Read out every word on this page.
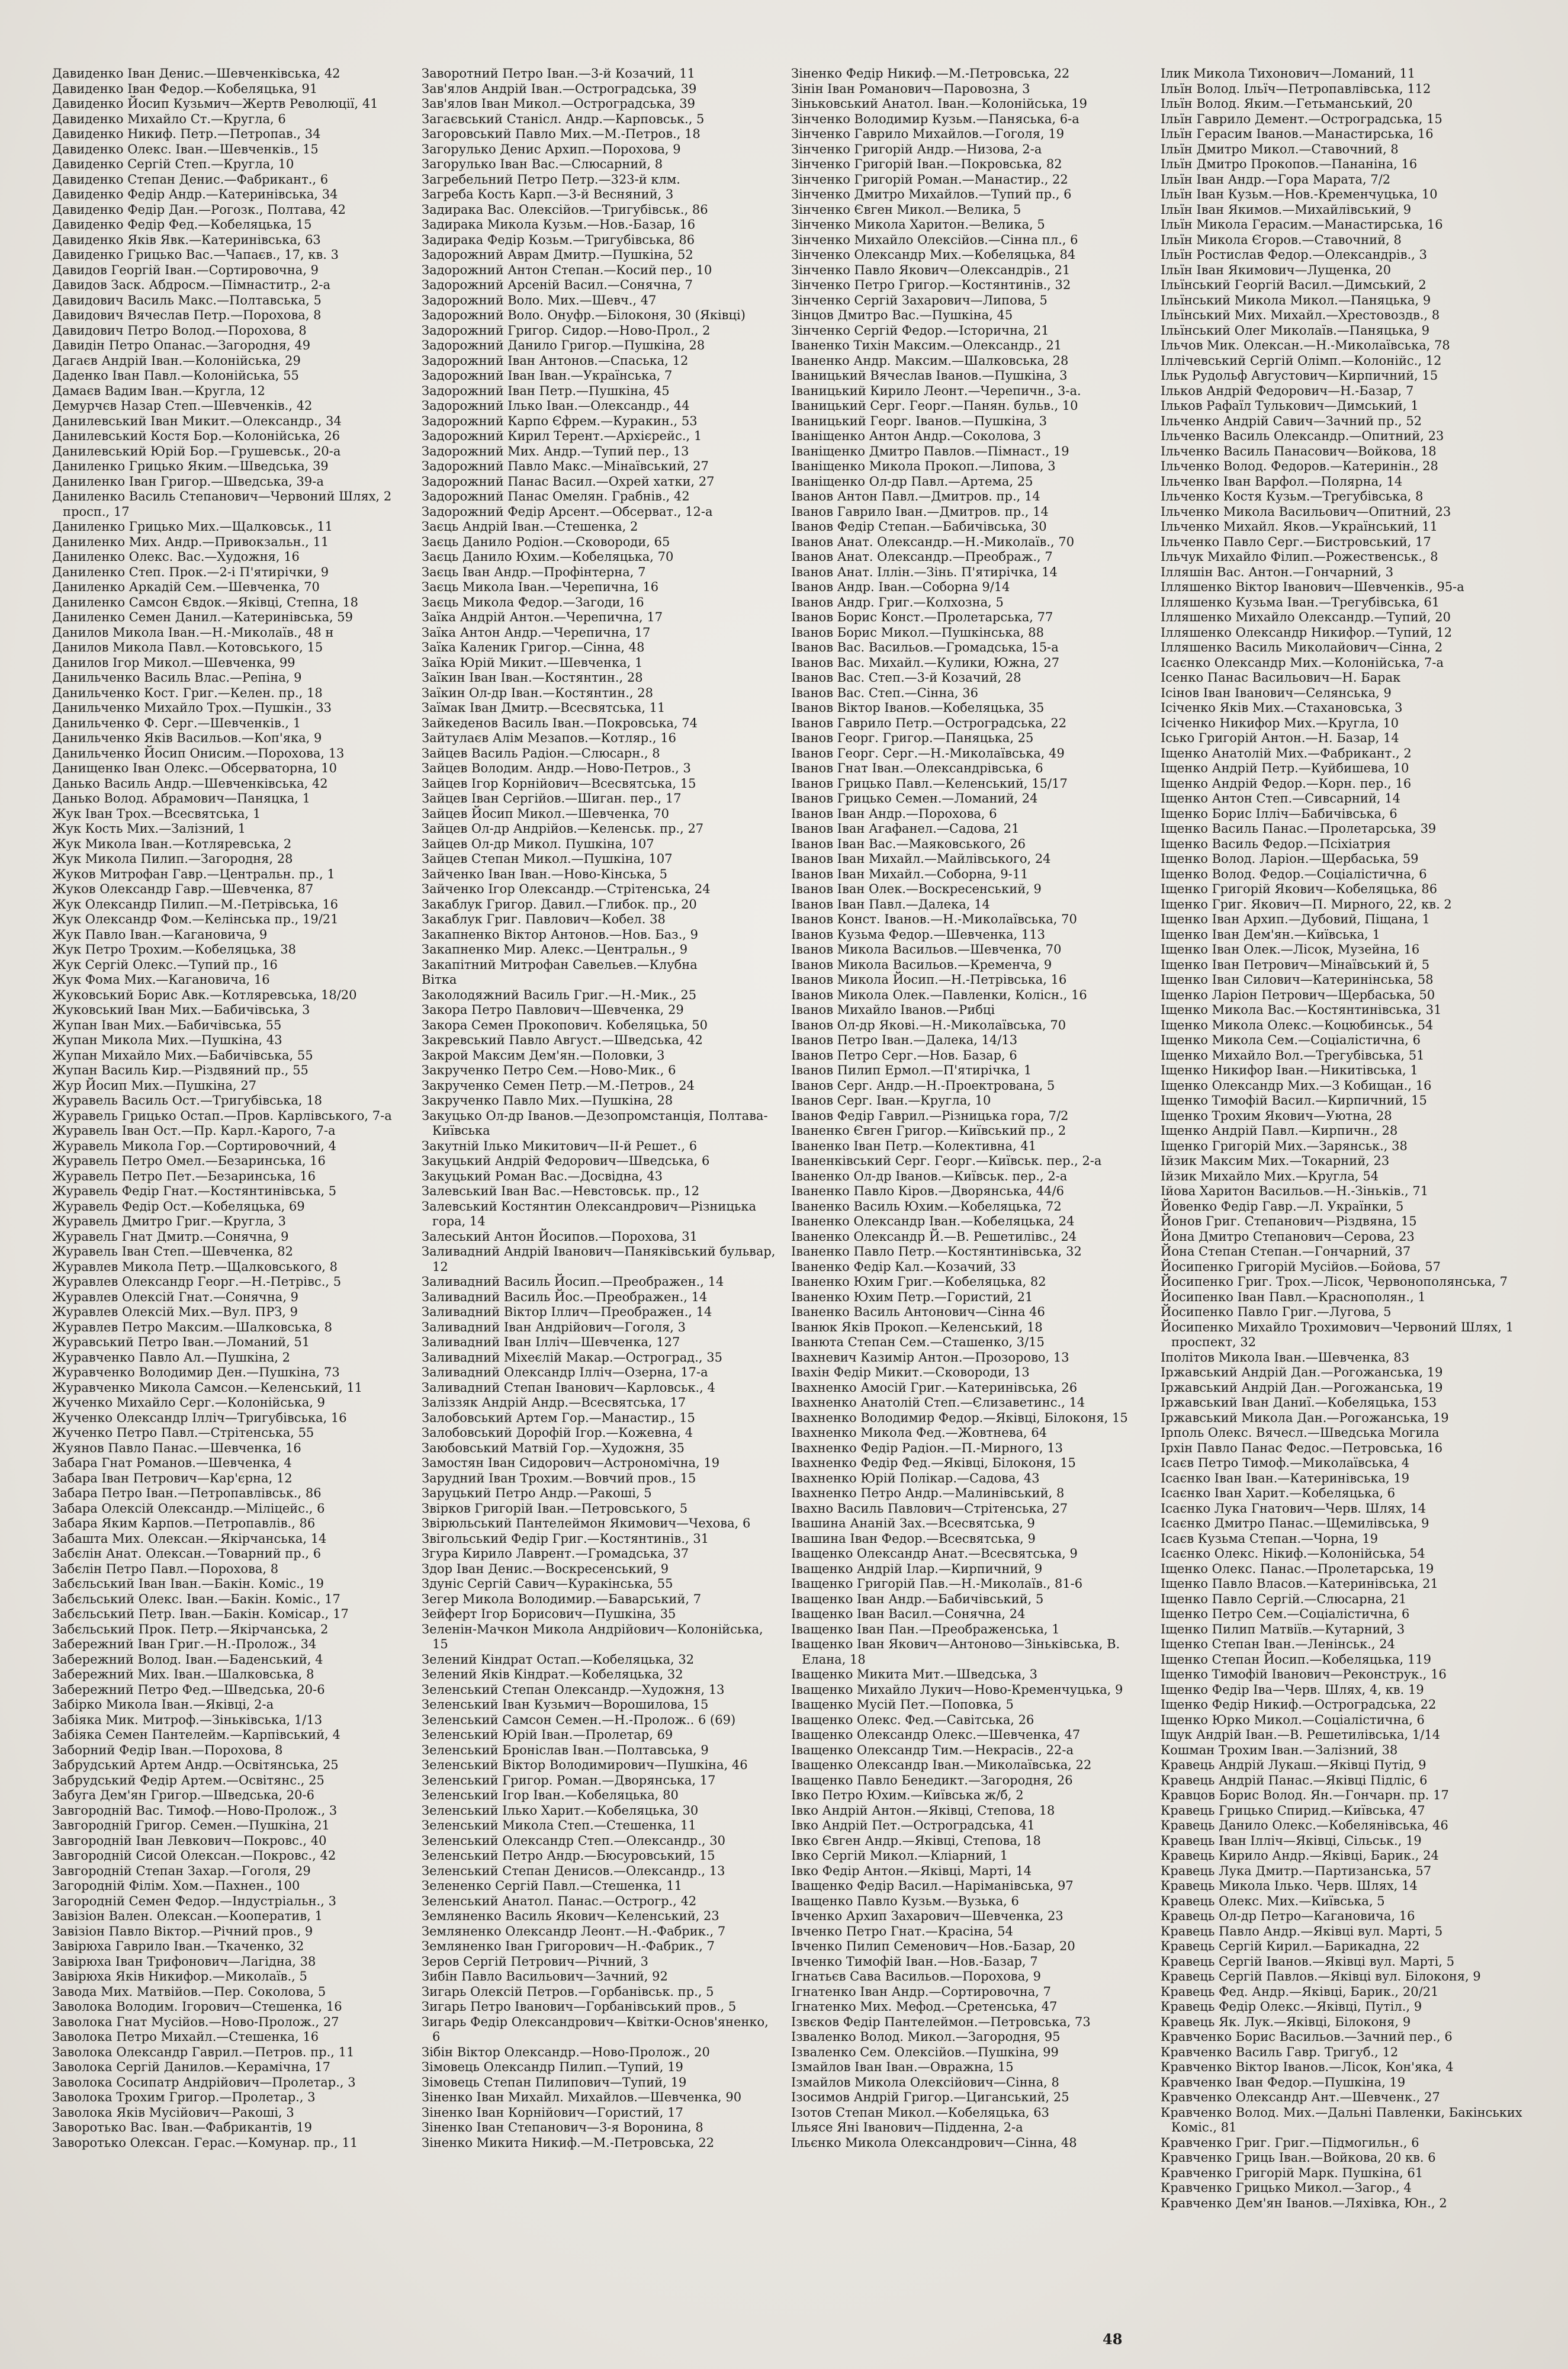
Давиденко Іван Денис.—Шевченківська, 42

Давиденко Іван Федор.—Кобеляцька, 91

Давиденко Йосип Кузьмич—Жертв Революції, 41

Давиденко Михайло Ст.—Кругла, 6

Давиденко Никиф. Петр.—Петропав., 34

Давиденко Олекс. Іван.—Шевченків., 15

Давиденко Сергій Степ.—Кругла, 10

Давиденко Степан Денис.—Фабрикант., 6

Давиденко Федір Андр.—Катеринівська, 34

Давиденко Федір Дан.—Рогозк., Полтава, 42

Давиденко Федір Фед.—Кобеляцька, 15

Давиденко Яків Явк.—Катеринівська, 63

Давиденко Грицько Вас.—Чапаєв., 17, кв. 3

Давидов Георгій Іван.—Сортировочна, 9

Давидов Заск. Абдросм.—Пімнаститр., 2-а

Давидович Василь Макс.—Полтавська, 5

Давидович Вячеслав Петр.—Порохова, 8

Давидович Петро Волод.—Порохова, 8

Давидін Петро Опанас.—Загородня, 49

Дагаєв Андрій Іван.—Колонійська, 29

Даденко Іван Павл.—Колонійська, 55

Дамаєв Вадим Іван.—Кругла, 12

Демурчєв Назар Степ.—Шевченків., 42

Данилевський Іван Микит.—Олександр., 34

Данилевський Костя Бор.—Колонійська, 26

Данилевський Юрій Бор.—Грушевськ., 20-а

Даниленко Грицько Яким.—Шведська, 39

Даниленко Іван Григор.—Шведська, 39-а

Даниленко Василь Степанович—Червоний Шлях, 2 просп., 17

Даниленко Грицько Мих.—Щалковськ., 11

Даниленко Мих. Андр.—Привокзальн., 11

Даниленко Олекс. Вас.—Художня, 16

Даниленко Степ. Прок.—2-і П'ятирічки, 9

Даниленко Аркадій Сем.—Шевченка, 70

Даниленко Самсон Євдок.—Яківці, Степна, 18

Даниленко Семен Данил.—Катеринівська, 59

Данилов Микола Іван.—Н.-Миколаїв., 48 н

Данилов Микола Павл.—Котовського, 15

Данилов Ігор Микол.—Шевченка, 99

Данильченко Василь Влас.—Репіна, 9

Данильченко Кост. Григ.—Келен. пр., 18

Данильченко Михайло Трох.—Пушкін., 33

Данильченко Ф. Серг.—Шевченків., 1

Данильченко Яків Васильов.—Коп'яка, 9

Данильченко Йосип Онисим.—Порохова, 13

Данищенко Іван Олекс.—Обсерваторна, 10

Данько Василь Андр.—Шевченківська, 42

Данько Волод. Абрамович—Паняцка, 1

Жук Іван Трох.—Всесвятська, 1

Жук Кость Мих.—Залізний, 1

Жук Микола Іван.—Котляревська, 2

Жук Микола Пилип.—Загородня, 28

Жуков Митрофан Гавр.—Центральн. пр., 1

Жуков Олександр Гавр.—Шевченка, 87

Жук Олександр Пилип.—М.-Петрівська, 16

Жук Олександр Фом.—Келінська пр., 19/21

Жук Павло Іван.—Кагановича, 9

Жук Петро Трохим.—Кобеляцька, 38

Жук Сергій Олекс.—Тупий пр., 16

Жук Фома Мих.—Кагановича, 16

Жуковський Борис Авк.—Котляревська, 18/20

Жуковський Іван Мих.—Бабичівська, 3

Жупан Іван Мих.—Бабичівська, 55

Жупан Микола Мих.—Пушкіна, 43

Жупан Михайло Мих.—Бабичівська, 55

Жупан Василь Кир.—Різдвяний пр., 55

Жур Йосип Мих.—Пушкіна, 27

Журавель Василь Ост.—Тригубівська, 18

Журавель Грицько Остап.—Пров. Карлівського, 7-а

Журавель Іван Ост.—Пр. Карл.-Карого, 7-а

Журавель Микола Гор.—Сортировочний, 4

Журавель Петро Омел.—Безаринська, 16

Журавель Петро Пет.—Безаринська, 16

Журавель Федір Гнат.—Костянтинівська, 5

Журавель Федір Ост.—Кобеляцька, 69

Журавель Дмитро Григ.—Кругла, 3

Журавель Гнат Дмитр.—Сонячна, 9

Журавель Іван Степ.—Шевченка, 82

Журавлев Микола Петр.—Щалковського, 8

Журавлев Олександр Георг.—Н.-Петрівс., 5

Журавлев Олексій Гнат.—Сонячна, 9

Журавлев Олексій Мих.—Вул. ПРЗ, 9

Журавлев Петро Максим.—Шалковська, 8

Журавський Петро Іван.—Ломаний, 51

Журавченко Павло Ал.—Пушкіна, 2

Журавченко Володимир Ден.—Пушкіна, 73

Журавченко Микола Самсон.—Келенський, 11

Жученко Михайло Серг.—Колонійська, 9

Жученко Олександр Ілліч—Тригубівська, 16

Жученко Петро Павл.—Стрітенська, 55

Жуянов Павло Панас.—Шевченка, 16

Забара Гнат Романов.—Шевченка, 4

Забара Іван Петрович—Кар'єрна, 12

Забара Петро Іван.—Петропавлівськ., 86

Забара Олексій Олександр.—Міліцейс., 6

Забара Яким Карпов.—Петропавлів., 86

Забашта Мих. Олексан.—Якірчанська, 14

Забєлін Анат. Олексан.—Товарний пр., 6

Забєлін Петро Павл.—Порохова, 8

Забєльський Іван Іван.—Бакін. Коміс., 19

Забєльський Олекс. Іван.—Бакін. Коміс., 17

Забєльський Петр. Іван.—Бакін. Комісар., 17

Забєльський Прок. Петр.—Якірчанська, 2

Забережний Іван Григ.—Н.-Пролож., 34

Забережний Волод. Іван.—Баденський, 4

Забережний Мих. Іван.—Шалковська, 8

Забережний Петро Фед.—Шведська, 20-6

Забірко Микола Іван.—Яківці, 2-а

Забіяка Мик. Митроф.—Зіньківська, 1/13

Забіяка Семен Пантелейм.—Карпівський, 4

Заборний Федір Іван.—Порохова, 8

Забрудський Артем Андр.—Освітянська, 25

Забрудський Федір Артем.—Освітянс., 25

Забуга Дем'ян Григор.—Шведська, 20-6

Завгородній Вас. Тимоф.—Ново-Пролож., 3

Завгородній Григор. Семен.—Пушкіна, 21

Завгородній Іван Левкович—Покровс., 40

Завгородній Сисой Олексан.—Покровс., 42

Завгородній Степан Захар.—Гоголя, 29

Загородній Філім. Хом.—Пахнен., 100

Загородній Семен Федор.—Індустріальн., 3

Завізіон Вален. Олексан.—Кооператив, 1

Завізіон Павло Віктор.—Річний пров., 9

Завірюха Гаврило Іван.—Ткаченко, 32

Завірюха Іван Трифонович—Лагідна, 38

Завірюха Яків Никифор.—Миколаїв., 5

Завода Мих. Матвійов.—Пер. Соколова, 5

Заволока Володим. Ігорович—Стешенка, 16

Заволока Гнат Мусійов.—Ново-Пролож., 27

Заволока Петро Михайл.—Стешенка, 16

Заволока Олександр Гаврил.—Петров. пр., 11

Заволока Сергій Данилов.—Керамічна, 17

Заволока Сосипатр Андрійович—Пролетар., 3

Заволока Трохим Григор.—Пролетар., 3

Заволока Яків Мусійович—Ракоші, 3

Заворотько Вас. Іван.—Фабрикантів, 19

Заворотько Олексан. Герас.—Комунар. пр., 11

Заворотний Петро Іван.—3-й Козачий, 11

Зав'ялов Андрій Іван.—Остроградська, 39

Зав'ялов Іван Микол.—Остроградська, 39

Загаєвський Станісл. Андр.—Карповськ., 5

Загоровський Павло Мих.—М.-Петров., 18

Загорулько Денис Архип.—Порохова, 9

Загорулько Іван Вас.—Слюсарний, 8

Загребельний Петро Петр.—323-й клм.

Загреба Кость Карп.—3-й Весняний, 3

Задирака Вас. Олексійов.—Тригубівськ., 86

Задирака Микола Кузьм.—Нов.-Базар, 16

Задирака Федір Козьм.—Тригубівська, 86

Задорожний Аврам Дмитр.—Пушкіна, 52

Задорожний Антон Степан.—Косий пер., 10

Задорожний Арсеній Васил.—Сонячна, 7

Задорожний Воло. Мих.—Шевч., 47

Задорожний Воло. Онуфр.—Білоконя, 30 (Яківці)

Задорожний Григор. Сидор.—Ново-Прол., 2

Задорожний Данило Григор.—Пушкіна, 28

Задорожний Іван Антонов.—Спаська, 12

Задорожний Іван Іван.—Українська, 7

Задорожний Іван Петр.—Пушкіна, 45

Задорожний Ілько Іван.—Олександр., 44

Задорожний Карпо Єфрем.—Куракин., 53

Задорожний Кирил Терент.—Архієрейс., 1

Задорожний Мих. Андр.—Тупий пер., 13

Задорожний Павло Макс.—Мінаївський, 27

Задорожний Панас Васил.—Охрей хатки, 27

Задорожний Панас Омелян. Грабнів., 42

Задорожний Федір Арсент.—Обсерват., 12-а

Заєць Андрій Іван.—Стешенка, 2

Заєць Данило Родіон.—Сковороди, 65

Заєць Данило Юхим.—Кобеляцька, 70

Заєць Іван Андр.—Профінтерна, 7

Заєць Микола Іван.—Черепична, 16

Заєць Микола Федор.—Загоди, 16

Заїка Андрій Антон.—Черепична, 17

Заїка Антон Андр.—Черепична, 17

Заїка Каленик Григор.—Сінна, 48

Заїка Юрій Микит.—Шевченка, 1

Заїкин Іван Іван.—Костянтин., 28

Заїкин Ол-др Іван.—Костянтин., 28

Заїмак Іван Дмитр.—Всесвятська, 11

Зайкеденов Василь Іван.—Покровська, 74

Зайтулаєв Алім Мезапов.—Котляр., 16

Зайцев Василь Радіон.—Слюсарн., 8

Зайцев Володим. Андр.—Ново-Петров., 3

Зайцев Ігор Корнійович—Всесвятська, 15

Зайцев Іван Сергійов.—Шиган. пер., 17

Зайцев Йосип Микол.—Шевченка, 70

Зайцев Ол-др Андрійов.—Келенськ. пр., 27

Зайцев Ол-др Микол. Пушкіна, 107

Зайцев Степан Микол.—Пушкіна, 107

Зайченко Іван Іван.—Ново-Кінська, 5

Зайченко Ігор Олександр.—Стрітенська, 24

Закаблук Григор. Давил.—Глибок. пр., 20

Закаблук Григ. Павлович—Кобел. 38

Закапненко Віктор Антонов.—Нов. Баз., 9

Закапненко Мир. Алекс.—Центральн., 9

Закапітний Митрофан Савельев.—Клубна

Вітка

Заколодяжний Василь Григ.—Н.-Мик., 25

Закора Петро Павлович—Шевченка, 29

Закора Семен Прокопович. Кобеляцька, 50

Закревський Павло Август.—Шведська, 42

Закрой Максим Дем'ян.—Половки, 3

Закрученко Петро Сем.—Ново-Мик., 6

Закрученко Семен Петр.—М.-Петров., 24

Закрученко Павло Мих.—Пушкіна, 28

Закуцько Ол-др Іванов.—Дезопромстанція, Полтава-Київська

Закутній Ілько Микитович—ІІ-й Решет., 6

Закуцький Андрій Федорович—Шведська, 6

Закуцький Роман Вас.—Досвідна, 43

Залевський Іван Вас.—Невстовськ. пр., 12

Залевський Костянтин Олександрович—Різницька гора, 14

Залеський Антон Йосипов.—Порохова, 31

Заливадний Андрій Іванович—Паняківський бульвар, 12

Заливадний Василь Йосип.—Преображен., 14

Заливадний Василь Йос.—Преображен., 14

Заливадний Віктор Іллич—Преображен., 14

Заливадний Іван Андрійович—Гоголя, 3

Заливадний Іван Ілліч—Шевченка, 127

Заливадний Міхеєлій Макар.—Остроград., 35

Заливадний Олександр Ілліч—Озерна, 17-а

Заливадний Степан Іванович—Карловськ., 4

Заліззяк Андрій Андр.—Всесвятська, 17

Залобовський Артем Гор.—Манастир., 15

Залобовський Дорофій Ігор.—Кожевна, 4

Заюбовський Матвій Гор.—Художня, 35

Замостян Іван Сидорович—Астрономічна, 19

Зарудний Іван Трохим.—Вовчий пров., 15

Заруцький Петро Андр.—Ракоші, 5

Звірков Григорій Іван.—Петровського, 5

Звірюльський Пантелеймон Якимович—Чехова, 6

Звігольський Федір Григ.—Костянтинів., 31

Згура Кирило Лаврент.—Громадська, 37

Здор Іван Денис.—Воскресенський, 9

Здуніс Сергій Савич—Куракінська, 55

Зегер Микола Володимир.—Баварський, 7

Зейферт Ігор Борисович—Пушкіна, 35

Зеленін-Мачкон Микола Андрійович—Колонійська, 15

Зелений Кіндрат Остап.—Кобеляцька, 32

Зелений Яків Кіндрат.—Кобеляцька, 32

Зеленський Степан Олександр.—Художня, 13

Зеленський Іван Кузьмич—Ворошилова, 15

Зеленський Самсон Семен.—Н.-Пролож.. 6 (69)

Зеленський Юрій Іван.—Пролетар, 69

Зеленський Броніслав Іван.—Полтавська, 9

Зеленський Віктор Володимирович—Пушкіна, 46

Зеленський Григор. Роман.—Дворянська, 17

Зеленський Ігор Іван.—Кобеляцька, 80

Зеленський Ілько Харит.—Кобеляцька, 30

Зеленський Микола Степ.—Стешенка, 11

Зеленський Олександр Степ.—Олександр., 30

Зеленський Петро Андр.—Бюсуровський, 15

Зеленський Степан Денисов.—Олександр., 13

Зелененко Сергій Павл.—Стешенка, 11

Зеленський Анатол. Панас.—Острогр., 42

Земляненко Василь Якович—Келенський, 23

Земляненко Олександр Леонт.—Н.-Фабрик., 7

Земляненко Іван Григорович—Н.-Фабрик., 7

Зеров Сергій Петрович—Річний, 3

Зибін Павло Васильович—Зачний, 92

Зигарь Олексій Петров.—Горбанівськ. пр., 5

Зигарь Петро Іванович—Горбанівський пров., 5

Зигарь Федір Олександрович—Квітки-Основ'яненко, 6

Зібін Віктор Олександр.—Ново-Пролож., 20

Зімовець Олександр Пилип.—Тупий, 19

Зімовець Степан Пилипович—Тупий, 19

Зіненко Іван Михайл. Михайлов.—Шевченка, 90

Зіненко Іван Корнійович—Гористий, 17

Зіненко Іван Степанович—3-я Воронина, 8

Зіненко Микита Никиф.—М.-Петровська, 22

Зіненко Федір Никиф.—М.-Петровська, 22

Зінін Іван Романович—Паровозна, 3

Зіньковський Анатол. Іван.—Колонійська, 19

Зінченко Володимир Кузьм.—Паняська, 6-а

Зінченко Гаврило Михайлов.—Гоголя, 19

Зінченко Григорій Андр.—Низова, 2-а

Зінченко Григорій Іван.—Покровська, 82

Зінченко Григорій Роман.—Манастир., 22

Зінченко Дмитро Михайлов.—Тупий пр., 6

Зінченко Євген Микол.—Велика, 5

Зінченко Микола Харитон.—Велика, 5

Зінченко Михайло Олексійов.—Сінна пл., 6

Зінченко Олександр Мих.—Кобеляцька, 84

Зінченко Павло Якович—Олександрів., 21

Зінченко Петро Григор.—Костянтинів., 32

Зінченко Сергій Захарович—Липова, 5

Зінцов Дмитро Вас.—Пушкіна, 45

Зінченко Сергій Федор.—Історична, 21

Іваненко Тихін Максим.—Олександр., 21

Іваненко Андр. Максим.—Шалковська, 28

Іваницький Вячеслав Іванов.—Пушкіна, 3

Іваницький Кирило Леонт.—Черепичн., 3-а.

Іваницький Серг. Георг.—Панян. бульв., 10

Іваницький Георг. Іванов.—Пушкіна, 3

Іваніщенко Антон Андр.—Соколова, 3

Іваніщенко Дмитро Павлов.—Пімнаст., 19

Іваніщенко Микола Прокоп.—Липова, 3

Іваніщенко Ол-др Павл.—Артема, 25

Іванов Антон Павл.—Дмитров. пр., 14

Іванов Гаврило Іван.—Дмитров. пр., 14

Іванов Федір Степан.—Бабичівська, 30

Іванов Анат. Олександр.—Н.-Миколаїв., 70

Іванов Анат. Олександр.—Преображ., 7

Іванов Анат. Іллін.—Зінь. П'ятирічка, 14

Іванов Андр. Іван.—Соборна 9/14

Іванов Андр. Григ.—Колхозна, 5

Іванов Борис Конст.—Пролетарська, 77

Іванов Борис Микол.—Пушкінська, 88

Іванов Вас. Васильов.—Громадська, 15-а

Іванов Вас. Михайл.—Кулики, Южна, 27

Іванов Вас. Степ.—3-й Козачий, 28

Іванов Вас. Степ.—Сінна, 36

Іванов Віктор Іванов.—Кобеляцька, 35

Іванов Гаврило Петр.—Остроградська, 22

Іванов Георг. Григор.—Паняцька, 25

Іванов Георг. Серг.—Н.-Миколаївська, 49

Іванов Гнат Іван.—Олександрівська, 6

Іванов Грицько Павл.—Келенський, 15/17

Іванов Грицько Семен.—Ломаний, 24

Іванов Іван Андр.—Порохова, 6

Іванов Іван Агафанел.—Садова, 21

Іванов Іван Вас.—Маяковського, 26

Іванов Іван Михайл.—Майлівського, 24

Іванов Іван Михайл.—Соборна, 9-11

Іванов Іван Олек.—Воскресенський, 9

Іванов Іван Павл.—Далека, 14

Іванов Конст. Іванов.—Н.-Миколаївська, 70

Іванов Кузьма Федор.—Шевченка, 113

Іванов Микола Васильов.—Шевченка, 70

Іванов Микола Васильов.—Кременча, 9

Іванов Микола Йосип.—Н.-Петрівська, 16

Іванов Микола Олек.—Павленки, Колісн., 16

Іванов Михайло Іванов.—Рибці

Іванов Ол-др Якові.—Н.-Миколаївська, 70

Іванов Петро Іван.—Далека, 14/13

Іванов Петро Серг.—Нов. Базар, 6

Іванов Пилип Ермол.—П'ятирічка, 1

Іванов Серг. Андр.—Н.-Проектрована, 5

Іванов Серг. Іван.—Кругла, 10

Іванов Федір Гаврил.—Різницька гора, 7/2

Іваненко Євген Григор.—Київський пр., 2

Іваненко Іван Петр.—Колективна, 41

Іваненківський Серг. Георг.—Київськ. пер., 2-а

Іваненко Ол-др Іванов.—Київськ. пер., 2-а

Іваненко Павло Кіров.—Дворянська, 44/6

Іваненко Василь Юхим.—Кобеляцька, 72

Іваненко Олександр Іван.—Кобеляцька, 24

Іваненко Олександр Й.—В. Решетилівс., 24

Іваненко Павло Петр.—Костянтинівська, 32

Іваненко Федір Кал.—Козачий, 33

Іваненко Юхим Григ.—Кобеляцька, 82

Іваненко Юхим Петр.—Гористий, 21

Іваненко Василь Антонович—Сінна 46

Іванюк Яків Прокоп.—Келенський, 18

Іванюта Степан Сем.—Сташенко, 3/15

Івахневич Казимір Антон.—Прозорово, 13

Івахін Федір Микит.—Сковороди, 13

Івахненко Амосій Григ.—Катеринівська, 26

Івахненко Анатолій Степ.—Єлизаветинс., 14

Івахненко Володимир Федор.—Яківці, Білоконя, 15

Івахненко Микола Фед.—Жовтнева, 64

Івахненко Федір Радіон.—П.-Мирного, 13

Івахненко Федір Фед.—Яківці, Білоконя, 15

Івахненко Юрій Полікар.—Садова, 43

Івахненко Петро Андр.—Малинівський, 8

Івахно Василь Павлович—Стрітенська, 27

Івашина Ананій Зах.—Всесвятська, 9

Івашина Іван Федор.—Всесвятська, 9

Іващенко Олександр Анат.—Всесвятська, 9

Іващенко Андрій Ілар.—Кирпичний, 9

Іващенко Григорій Пав.—Н.-Миколаїв., 81-6

Іващенко Іван Андр.—Бабичівський, 5

Іващенко Іван Васил.—Сонячна, 24

Іващенко Іван Пан.—Преображенська, 1

Іващенко Іван Якович—Антоново—Зіньківська, В. Елана, 18

Іващенко Микита Мит.—Шведська, 3

Іващенко Михайло Лукич—Ново-Кременчуцька, 9

Іващенко Мусій Пет.—Поповка, 5

Іващенко Олекс. Фед.—Савітська, 26

Іващенко Олександр Олекс.—Шевченка, 47

Іващенко Олександр Тим.—Некрасів., 22-а

Іващенко Олександр Іван.—Миколаївська, 22

Іващенко Павло Бенедикт.—Загородня, 26

Івко Петро Юхим.—Київська ж/б, 2

Івко Андрій Антон.—Яківці, Степова, 18

Івко Андрій Пет.—Остроградська, 41

Івко Євген Андр.—Яківці, Степова, 18

Івко Сергій Микол.—Кліарний, 1

Івко Федір Антон.—Яківці, Марті, 14

Іващенко Федір Васил.—Наріманівська, 97

Іващенко Павло Кузьм.—Вузька, 6

Івченко Архип Захарович—Шевченка, 23

Івченко Петро Гнат.—Красіна, 54

Івченко Пилип Семенович—Нов.-Базар, 20

Івченко Тимофій Іван.—Нов.-Базар, 7

Ігнатьєв Сава Васильов.—Порохова, 9

Ігнатенко Іван Андр.—Сортировочна, 7

Ігнатенко Мих. Мефод.—Сретенська, 47

Ізвєков Федір Пантелеймон.—Петровська, 73

Ізваленко Волод. Микол.—Загородня, 95

Ізваленко Сем. Олексійов.—Пушкіна, 99

Ізмайлов Іван Іван.—Овражна, 15

Ізмайлов Микола Олексійович—Сінна, 8

Ізосимов Андрій Григор.—Циганський, 25

Ізотов Степан Микол.—Кобеляцька, 63

Ільясе Яні Іванович—Підденна, 2-а

Ільєнко Микола Олександрович—Сінна, 48

Ілик Микола Тихонович—Ломаний, 11

Ільїн Волод. Ільїч—Петропавлівська, 112

Ільїн Волод. Яким.—Гетьманський, 20

Ільїн Гаврило Демент.—Остроградська, 15

Ільїн Герасим Іванов.—Манастирська, 16

Ільїн Дмитро Микол.—Ставочний, 8

Ільїн Дмитро Прокопов.—Пананіна, 16

Ільїн Іван Андр.—Гора Марата, 7/2

Ільїн Іван Кузьм.—Нов.-Кременчуцька, 10

Ільїн Іван Якимов.—Михайлівський, 9

Ільїн Микола Герасим.—Манастирська, 16

Ільїн Микола Єгоров.—Ставочний, 8

Ільїн Ростислав Федор.—Олександрів., 3

Ільїн Іван Якимович—Лущенка, 20

Ільїнський Георгій Васил.—Димський, 2

Ільїнський Микола Микол.—Паняцька, 9

Ільїнський Мих. Михайл.—Хрестовоздв., 8

Ільїнський Олег Миколаїв.—Паняцька, 9

Ільчов Мик. Олексан.—Н.-Миколаївська, 78

Іллічевський Сергій Олімп.—Колонійс., 12

Ільк Рудольф Августович—Кирпичний, 15

Ільков Андрій Федорович—Н.-Базар, 7

Ільков Рафаїл Тулькович—Димський, 1

Ільченко Андрій Савич—Зачний пр., 52

Ільченко Василь Олександр.—Опитний, 23

Ільченко Василь Панасович—Войкова, 18

Ільченко Волод. Федоров.—Катеринін., 28

Ільченко Іван Варфол.—Полярна, 14

Ільченко Костя Кузьм.—Трегубівська, 8

Ільченко Микола Васильович—Опитний, 23

Ільченко Михайл. Яков.—Український, 11

Ільченко Павло Серг.—Бистровський, 17

Ільчук Михайло Філип.—Рожественськ., 8

Ілляшін Вас. Антон.—Гончарний, 3

Ілляшенко Віктор Іванович—Шевченків., 95-а

Ілляшенко Кузьма Іван.—Трегубівська, 61

Ілляшенко Михайло Олександр.—Тупий, 20

Ілляшенко Олександр Никифор.—Тупий, 12

Ілляшенко Василь Миколайович—Сінна, 2

Ісаєнко Олександр Мих.—Колонійська, 7-а

Ісенко Панас Васильович—Н. Барак

Ісінов Іван Іванович—Селянська, 9

Ісіченко Яків Мих.—Стахановська, 3

Ісіченко Никифор Мих.—Кругла, 10

Ісько Григорій Антон.—Н. Базар, 14

Іщенко Анатолій Мих.—Фабрикант., 2

Іщенко Андрій Петр.—Куйбишева, 10

Іщенко Андрій Федор.—Корн. пер., 16

Іщенко Антон Степ.—Сивсарний, 14

Іщенко Борис Ілліч—Бабичівська, 6

Іщенко Василь Панас.—Пролетарська, 39

Іщенко Василь Федор.—Псіхіатрия

Іщенко Волод. Ларіон.—Щербаська, 59

Іщенко Волод. Федор.—Соціалістична, 6

Іщенко Григорій Якович—Кобеляцька, 86

Іщенко Григ. Якович—П. Мирного, 22, кв. 2

Іщенко Іван Архип.—Дубовий, Піщана, 1

Іщенко Іван Дем'ян.—Київська, 1

Іщенко Іван Олек.—Лісок, Музейна, 16

Іщенко Іван Петрович—Мінаївський й, 5

Іщенко Іван Силович—Катеринінська, 58

Іщенко Ларіон Петрович—Щербаська, 50

Іщенко Микола Вас.—Костянтинівська, 31

Іщенко Микола Олекс.—Коцюбинськ., 54

Іщенко Микола Сем.—Соціалістична, 6

Іщенко Михайло Вол.—Трегубівська, 51

Іщенко Никифор Іван.—Никитівська, 1

Іщенко Олександр Мих.—3 Кобищан., 16

Іщенко Тимофій Васил.—Кирпичний, 15

Іщенко Трохим Якович—Уютна, 28

Іщенко Андрій Павл.—Кирпичн., 28

Іщенко Григорій Мих.—Зарянськ., 38

Ійзик Максим Мих.—Токарний, 23

Ійзик Михайло Мих.—Кругла, 54

Ійова Харитон Васильов.—Н.-Зіньків., 71

Йовенко Федір Гавр.—Л. Українки, 5

Йонов Григ. Степанович—Різдвяна, 15

Йона Дмитро Степанович—Серова, 23

Йона Степан Степан.—Гончарний, 37

Йосипенко Григорій Мусійов.—Бойова, 57

Йосипенко Григ. Трох.—Лісок, Червонополянська, 7

Йосипенко Іван Павл.—Краснополян., 1

Йосипенко Павло Григ.—Лугова, 5

Йосипенко Михайло Трохимович—Червоний Шлях, 1 проспект, 32

Іполітов Микола Іван.—Шевченка, 83

Іржавський Андрій Дан.—Рогожанська, 19

Іржавський Андрій Дан.—Рогожанська, 19

Іржавський Іван Даниї.—Кобеляцька, 153

Іржавський Микола Дан.—Рогожанська, 19

Ірполь Олекс. Вячесл.—Шведська Могила

Ірхін Павло Панас Федос.—Петровська, 16

Ісаєв Петро Тимоф.—Миколаївська, 4

Ісаєнко Іван Іван.—Катеринівська, 19

Ісаєнко Іван Харит.—Кобеляцька, 6

Ісаєнко Лука Гнатович—Черв. Шлях, 14

Ісаєнко Дмитро Панас.—Щемилівська, 9

Ісаєв Кузьма Степан.—Чорна, 19

Ісаєнко Олекс. Нікиф.—Колонійська, 54

Іщенко Олекс. Панас.—Пролетарська, 19

Іщенко Павло Власов.—Катеринівська, 21

Іщенко Павло Сергій.—Слюсарна, 21

Іщенко Петро Сем.—Соціалістична, 6

Іщенко Пилип Матвіїв.—Кутарний, 3

Іщенко Степан Іван.—Ленінськ., 24

Іщенко Степан Йосип.—Кобеляцька, 119

Іщенко Тимофій Іванович—Реконструк., 16

Іщенко Федір Іва—Черв. Шлях, 4, кв. 19

Іщенко Федір Никиф.—Остроградська, 22

Іщенко Юрко Микол.—Соціалістична, 6

Іщук Андрій Іван.—В. Решетилівська, 1/14

Кошман Трохим Іван.—Залізний, 38

Кравець Андрій Лукаш.—Яківці Путід, 9

Кравець Андрій Панас.—Яківці Підліс, 6

Кравцов Борис Волод. Ян.—Гончарн. пр. 17

Кравець Грицько Спирид.—Київська, 47

Кравець Данило Олекс.—Кобелянівська, 46

Кравець Іван Ілліч—Яківці, Сільськ., 19

Кравець Кирило Андр.—Яківці, Барик., 24

Кравець Лука Дмитр.—Партизанська, 57

Кравець Микола Ілько. Черв. Шлях, 14

Кравець Олекс. Мих.—Київська, 5

Кравець Ол-др Петро—Кагановича, 16

Кравець Павло Андр.—Яківці вул. Марті, 5

Кравець Сергій Кирил.—Барикадна, 22

Кравець Сергій Іванов.—Яківці вул. Марті, 5

Кравець Сергій Павлов.—Яківці вул. Білоконя, 9

Кравець Фед. Андр.—Яківці, Барик., 20/21

Кравець Федір Олекс.—Яківці, Путіл., 9

Кравець Як. Лук.—Яківці, Білоконя, 9

Кравченко Борис Васильов.—Зачний пер., 6

Кравченко Василь Гавр. Тригуб., 12

Кравченко Віктор Іванов.—Лісок, Кон'яка, 4

Кравченко Іван Федор.—Пушкіна, 19

Кравченко Олександр Ант.—Шевченк., 27

Кравченко Волод. Мих.—Дальні Павленки, Бакінських Коміс., 81

Кравченко Григ. Григ.—Підмогильн., 6

Кравченко Гриць Іван.—Войкова, 20 кв. 6

Кравченко Григорій Марк. Пушкіна, 61

Кравченко Грицько Микол.—Загор., 4

Кравченко Дем'ян Іванов.—Ляхівка, Юн., 2

48
